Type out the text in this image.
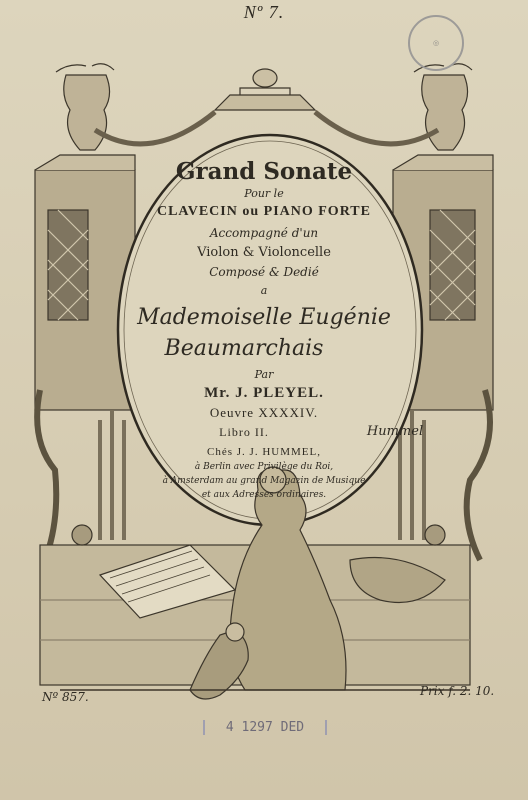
Nº 7.
◎
Grand Sonate
Pour le
CLAVECIN ou PIANO FORTE
Accompagné d'un
Violon & Violoncelle
Composé & Dedié
a
Mademoiselle Eugénie
Beaumarchais
Par
Mr. J. PLEYEL.
Oeuvre XXXXIV.
Libro II.	Hummel
Chés J. J. HUMMEL,
à Berlin avec Privilège du Roi,
à Amsterdam au grand Magazin de Musique
et aux Adresses ordinaires.
Nº 857.	Prix f. 2. 10.
4 1297 DED
